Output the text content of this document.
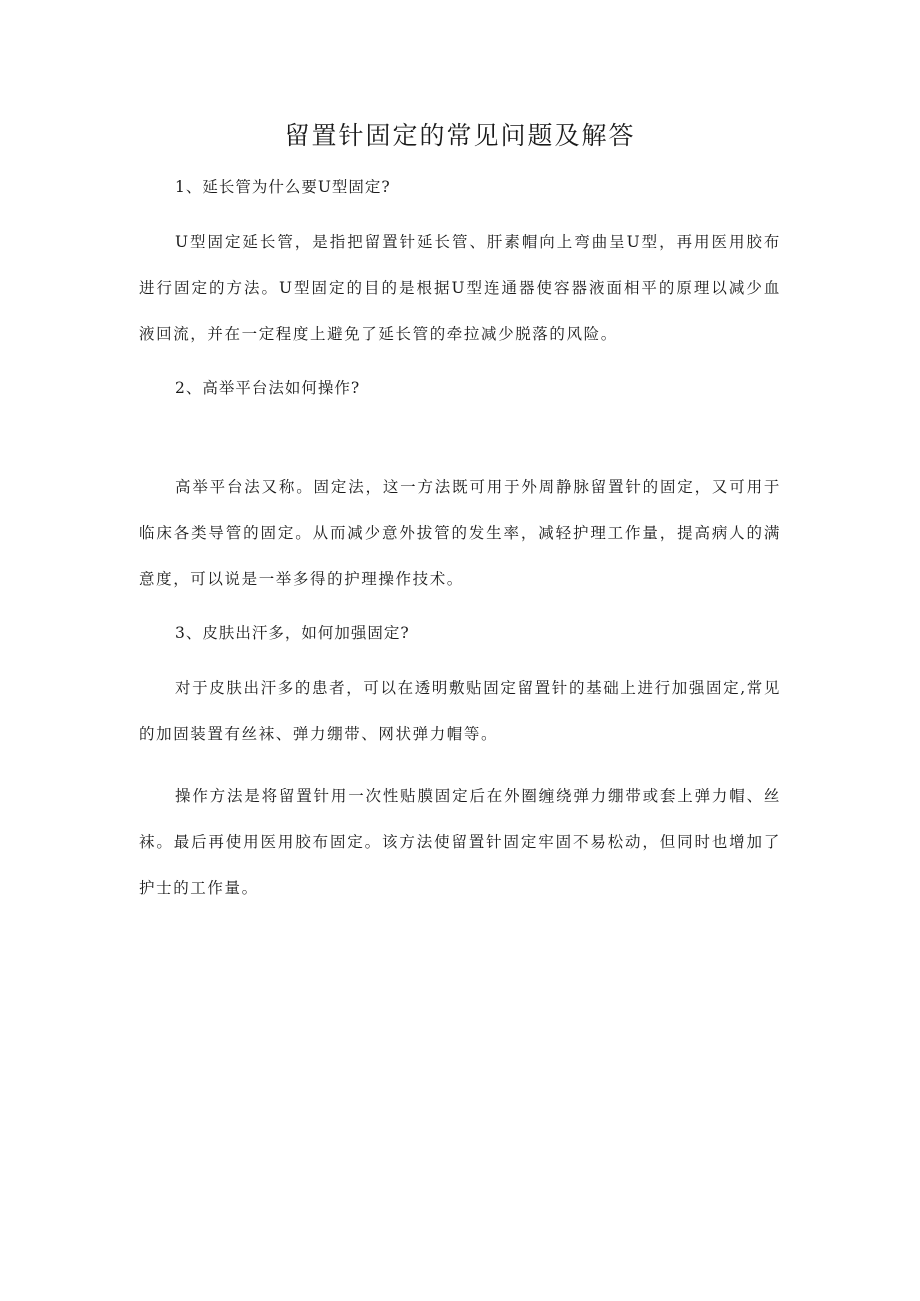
留置针固定的常见问题及解答

1、延长管为什么要U型固定?

U型固定延长管，是指把留置针延长管、肝素帽向上弯曲呈U型，再用医用胶布进行固定的方法。U型固定的目的是根据U型连通器使容器液面相平的原理以减少血液回流，并在一定程度上避免了延长管的牵拉减少脱落的风险。

2、高举平台法如何操作?

高举平台法又称。固定法，这一方法既可用于外周静脉留置针的固定，又可用于临床各类导管的固定。从而减少意外拔管的发生率，减轻护理工作量，提高病人的满意度，可以说是一举多得的护理操作技术。

3、皮肤出汗多，如何加强固定?

对于皮肤出汗多的患者，可以在透明敷贴固定留置针的基础上进行加强固定,常见的加固装置有丝袜、弹力绷带、网状弹力帽等。

操作方法是将留置针用一次性贴膜固定后在外圈缠绕弹力绷带或套上弹力帽、丝袜。最后再使用医用胶布固定。该方法使留置针固定牢固不易松动，但同时也增加了护士的工作量。
